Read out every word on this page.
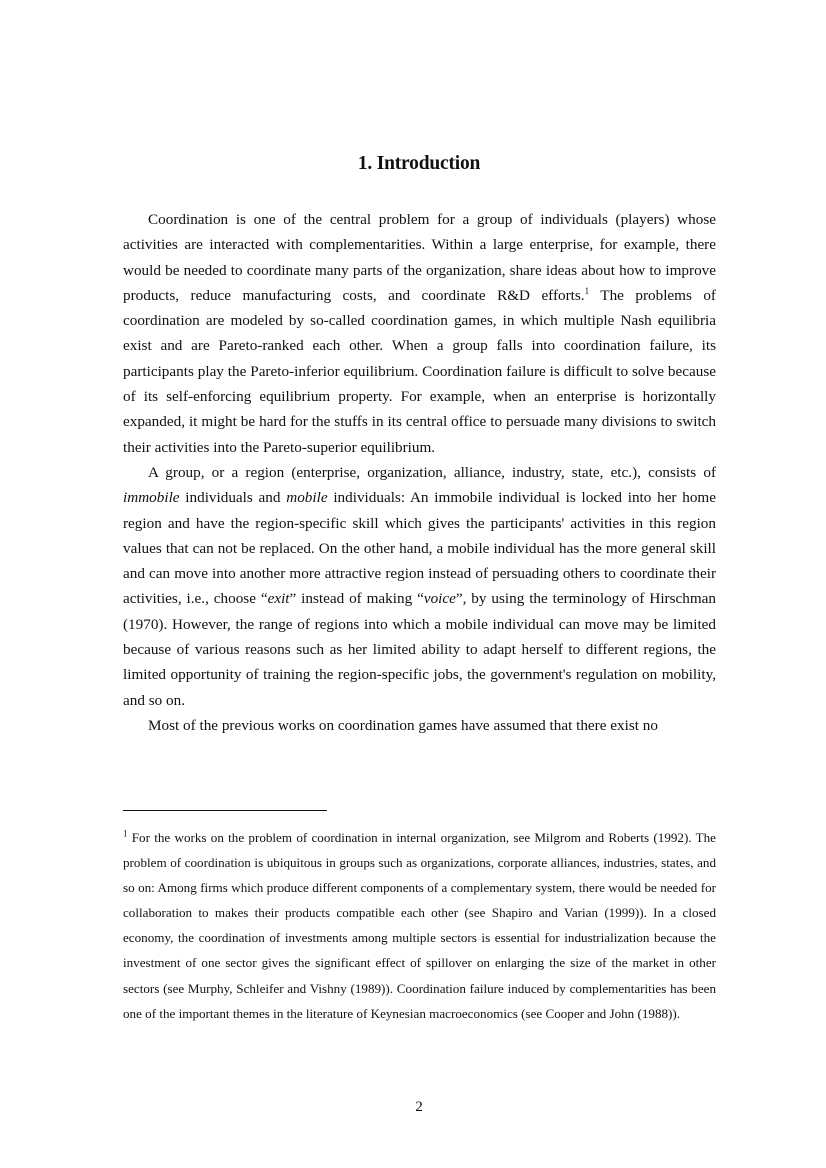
1. Introduction

Coordination is one of the central problem for a group of individuals (players) whose activities are interacted with complementarities. Within a large enterprise, for example, there would be needed to coordinate many parts of the organization, share ideas about how to improve products, reduce manufacturing costs, and coordinate R&D efforts.$^1$ The problems of coordination are modeled by so-called coordination games, in which multiple Nash equilibria exist and are Pareto-ranked each other. When a group falls into coordination failure, its participants play the Pareto-inferior equilibrium. Coordination failure is difficult to solve because of its self-enforcing equilibrium property. For example, when an enterprise is horizontally expanded, it might be hard for the stuffs in its central office to persuade many divisions to switch their activities into the Pareto-superior equilibrium.

A group, or a region (enterprise, organization, alliance, industry, state, etc.), consists of immobile individuals and mobile individuals: An immobile individual is locked into her home region and have the region-specific skill which gives the participants' activities in this region values that can not be replaced. On the other hand, a mobile individual has the more general skill and can move into another more attractive region instead of persuading others to coordinate their activities, i.e., choose “exit” instead of making “voice”, by using the terminology of Hirschman (1970). However, the range of regions into which a mobile individual can move may be limited because of various reasons such as her limited ability to adapt herself to different regions, the limited opportunity of training the region-specific jobs, the government's regulation on mobility, and so on.

Most of the previous works on coordination games have assumed that there exist no

$^1$ For the works on the problem of coordination in internal organization, see Milgrom and Roberts (1992). The problem of coordination is ubiquitous in groups such as organizations, corporate alliances, industries, states, and so on: Among firms which produce different components of a complementary system, there would be needed for collaboration to makes their products compatible each other (see Shapiro and Varian (1999)). In a closed economy, the coordination of investments among multiple sectors is essential for industrialization because the investment of one sector gives the significant effect of spillover on enlarging the size of the market in other sectors (see Murphy, Schleifer and Vishny (1989)). Coordination failure induced by complementarities has been one of the important themes in the literature of Keynesian macroeconomics (see Cooper and John (1988)).

2
